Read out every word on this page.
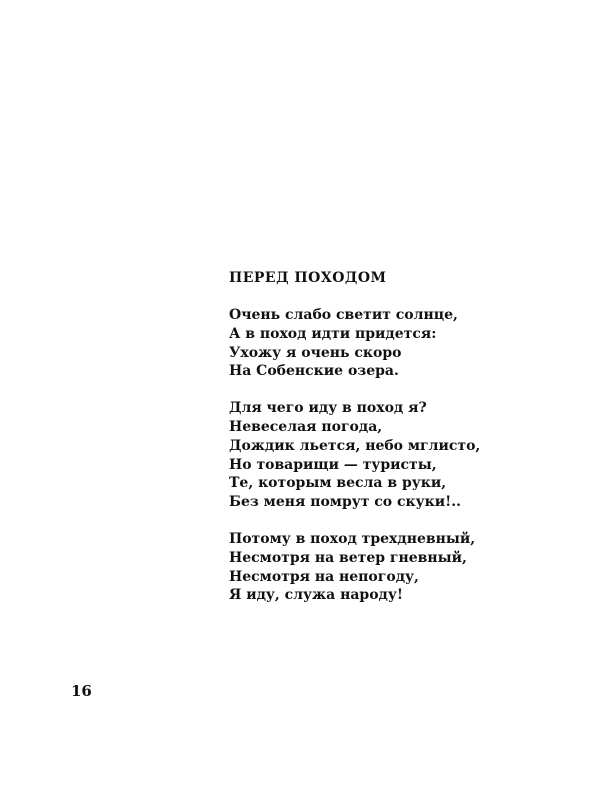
ПЕРЕД ПОХОДОМ
Очень слабо светит солнце,
А в поход идти придется:
Ухожу я очень скоро
На Собенские озера.
Для чего иду в поход я?
Невеселая погода,
Дождик льется, небо мглисто,
Но товарищи — туристы,
Те, которым весла в руки,
Без меня помрут со скуки!..
Потому в поход трехдневный,
Несмотря на ветер гневный,
Несмотря на непогоду,
Я иду, служа народу!
16
